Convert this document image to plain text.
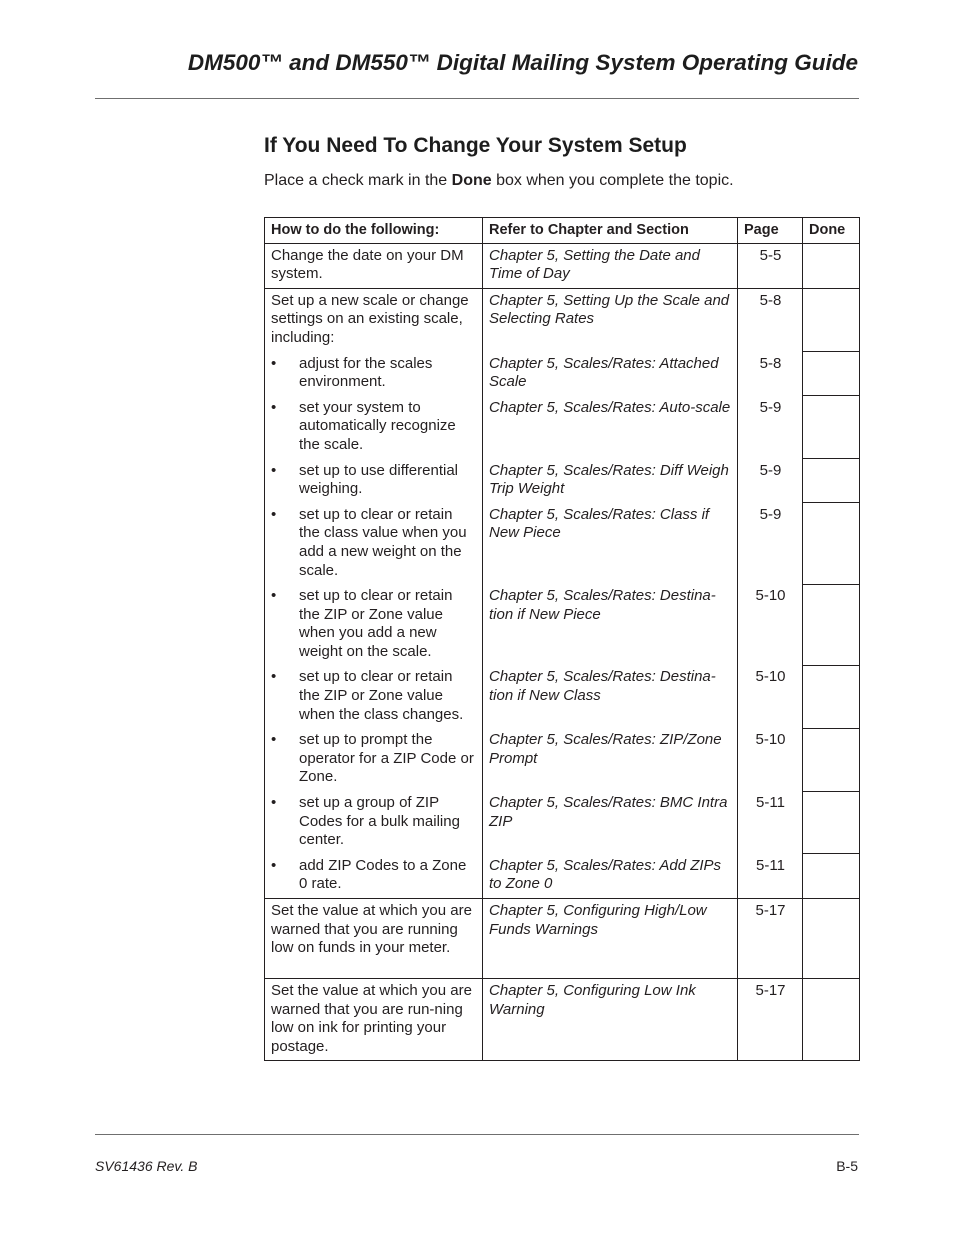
DM500™ and DM550™ Digital Mailing System Operating Guide
If You Need To Change Your System Setup

Place a check mark in the Done box when you complete the topic.

How to do the following:	Refer to Chapter and Section	Page	Done
Change the date on your DM system.	Chapter 5, Setting the Date and Time of Day	5-5	
Set up a new scale or change settings on an existing scale, including:	Chapter 5, Setting Up the Scale and Selecting Rates	5-8	

• adjust for the scales environment.	Chapter 5, Scales/Rates: Attached Scale	5-8	

• set your system to automatically recognize the scale.	Chapter 5, Scales/Rates: Auto-scale	5-9	

• set up to use differential weighing.	Chapter 5, Scales/Rates: Diff Weigh Trip Weight	5-9	

• set up to clear or retain the class value when you add a new weight on the scale.	Chapter 5, Scales/Rates: Class if New Piece	5-9	

• set up to clear or retain the ZIP or Zone value when you add a new weight on the scale.	Chapter 5, Scales/Rates: Destina-tion if New Piece	5-10	

• set up to clear or retain the ZIP or Zone value when the class changes.	Chapter 5, Scales/Rates: Destina-tion if New Class	5-10	

• set up to prompt the operator for a ZIP Code or Zone.	Chapter 5, Scales/Rates: ZIP/Zone Prompt	5-10	

• set up a group of ZIP Codes for a bulk mailing center.	Chapter 5, Scales/Rates: BMC Intra ZIP	5-11	

• add ZIP Codes to a Zone 0 rate.	Chapter 5, Scales/Rates: Add ZIPs to Zone 0	5-11	
Set the value at which you are warned that you are running low on funds in your meter.	Chapter 5, Configuring High/Low Funds Warnings	5-17	
Set the value at which you are warned that you are run-ning low on ink for printing your postage.	Chapter 5, Configuring Low Ink Warning	5-17	
SV61436 Rev. B	B-5
